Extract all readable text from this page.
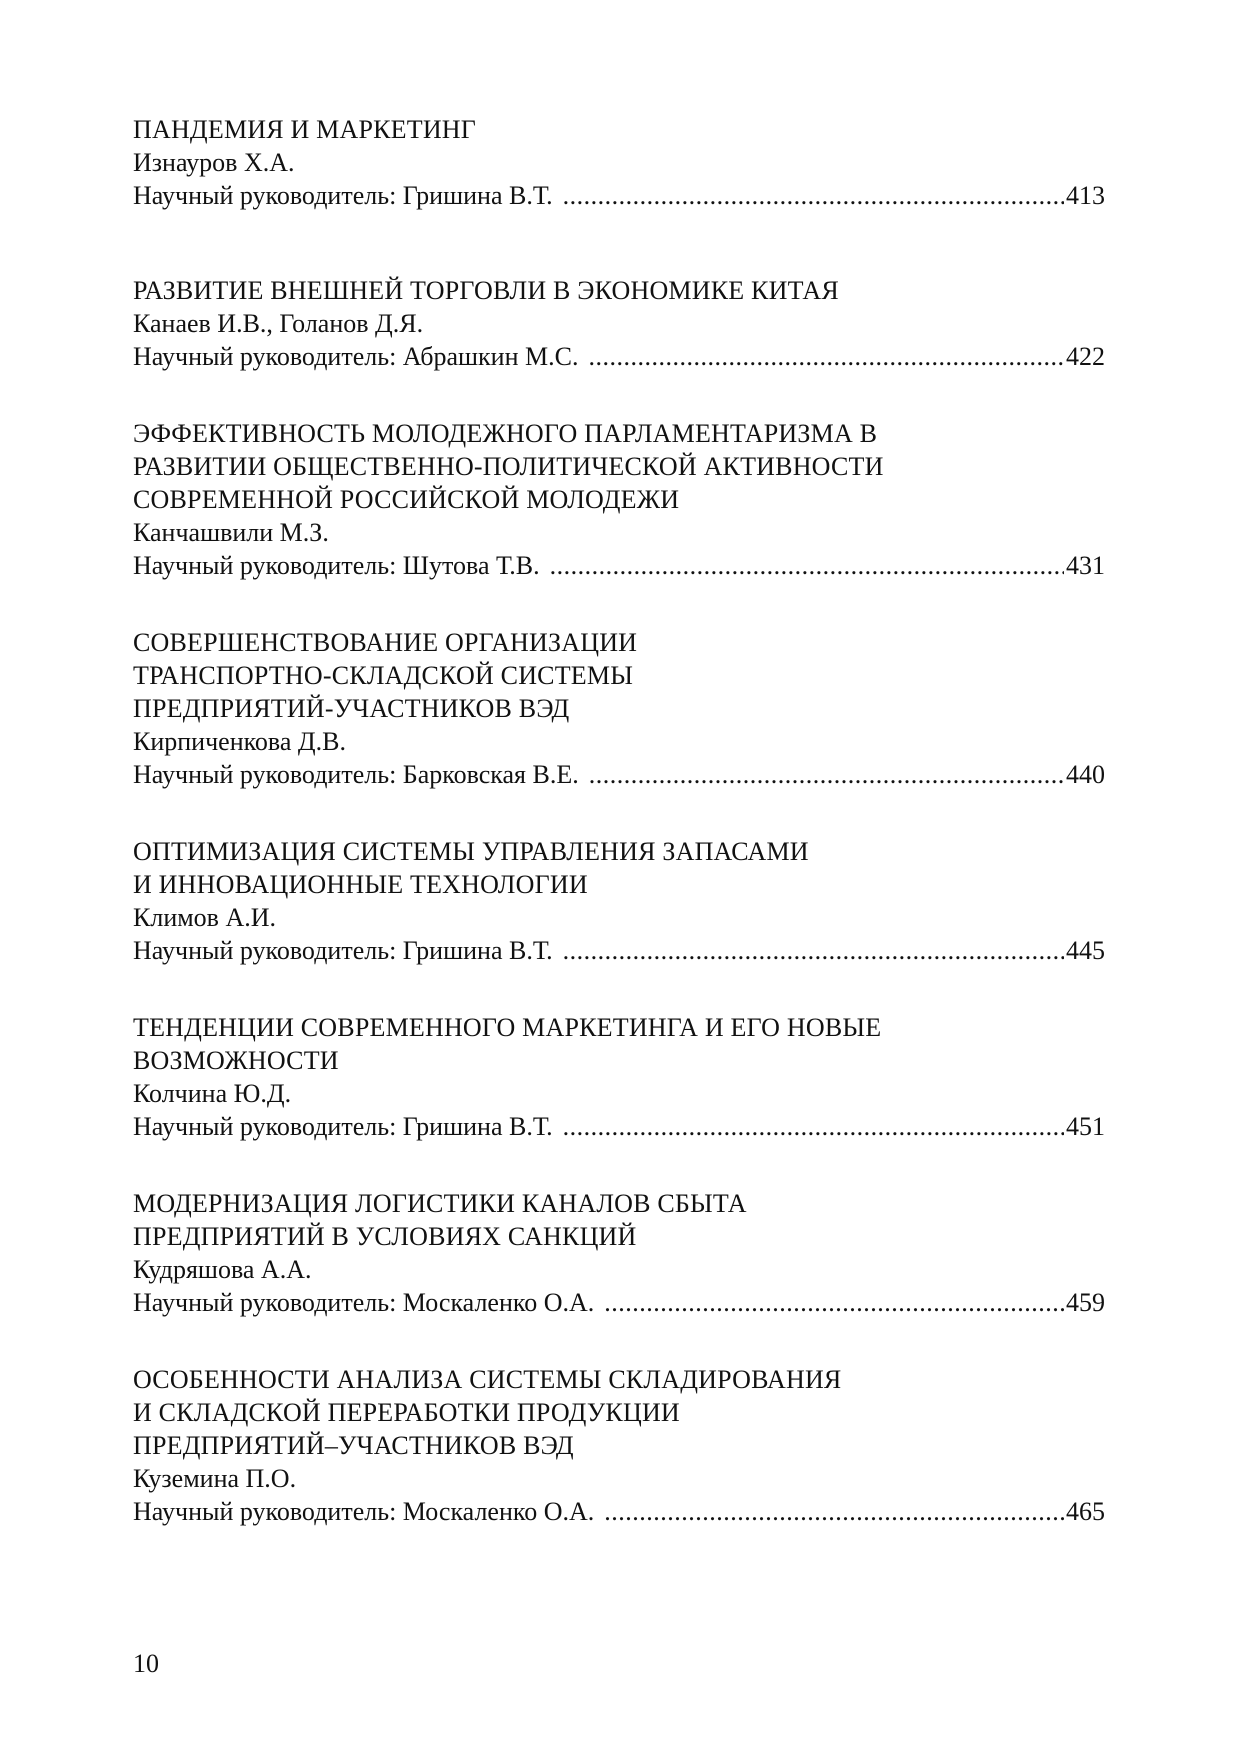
ПАНДЕМИЯ И МАРКЕТИНГ
Изнауров Х.А.
Научный руководитель: Гришина В.Т. .....	413
РАЗВИТИЕ ВНЕШНЕЙ ТОРГОВЛИ В ЭКОНОМИКЕ КИТАЯ
Канаев И.В., Голанов Д.Я.
Научный руководитель: Абрашкин М.С. .....	422
ЭФФЕКТИВНОСТЬ МОЛОДЕЖНОГО ПАРЛАМЕНТАРИЗМА В
РАЗВИТИИ ОБЩЕСТВЕННО-ПОЛИТИЧЕСКОЙ АКТИВНОСТИ
СОВРЕМЕННОЙ РОССИЙСКОЙ МОЛОДЕЖИ
Канчашвили М.З.
Научный руководитель: Шутова Т.В. .....	431
СОВЕРШЕНСТВОВАНИЕ ОРГАНИЗАЦИИ
ТРАНСПОРТНО-СКЛАДСКОЙ СИСТЕМЫ
ПРЕДПРИЯТИЙ-УЧАСТНИКОВ ВЭД
Кирпиченкова Д.В.
Научный руководитель: Барковская В.Е. .....	440
ОПТИМИЗАЦИЯ СИСТЕМЫ УПРАВЛЕНИЯ ЗАПАСАМИ
И ИННОВАЦИОННЫЕ ТЕХНОЛОГИИ
Климов А.И.
Научный руководитель: Гришина В.Т. .....	445
ТЕНДЕНЦИИ СОВРЕМЕННОГО МАРКЕТИНГА И ЕГО НОВЫЕ
ВОЗМОЖНОСТИ
Колчина Ю.Д.
Научный руководитель: Гришина В.Т. .....	451
МОДЕРНИЗАЦИЯ ЛОГИСТИКИ КАНАЛОВ СБЫТА
ПРЕДПРИЯТИЙ В УСЛОВИЯХ САНКЦИЙ
Кудряшова А.А.
Научный руководитель: Москаленко О.А. .....	459
ОСОБЕННОСТИ АНАЛИЗА СИСТЕМЫ СКЛАДИРОВАНИЯ
И СКЛАДСКОЙ ПЕРЕРАБОТКИ ПРОДУКЦИИ
ПРЕДПРИЯТИЙ–УЧАСТНИКОВ ВЭД
Куземина П.О.
Научный руководитель: Москаленко О.А. .....	465
10
